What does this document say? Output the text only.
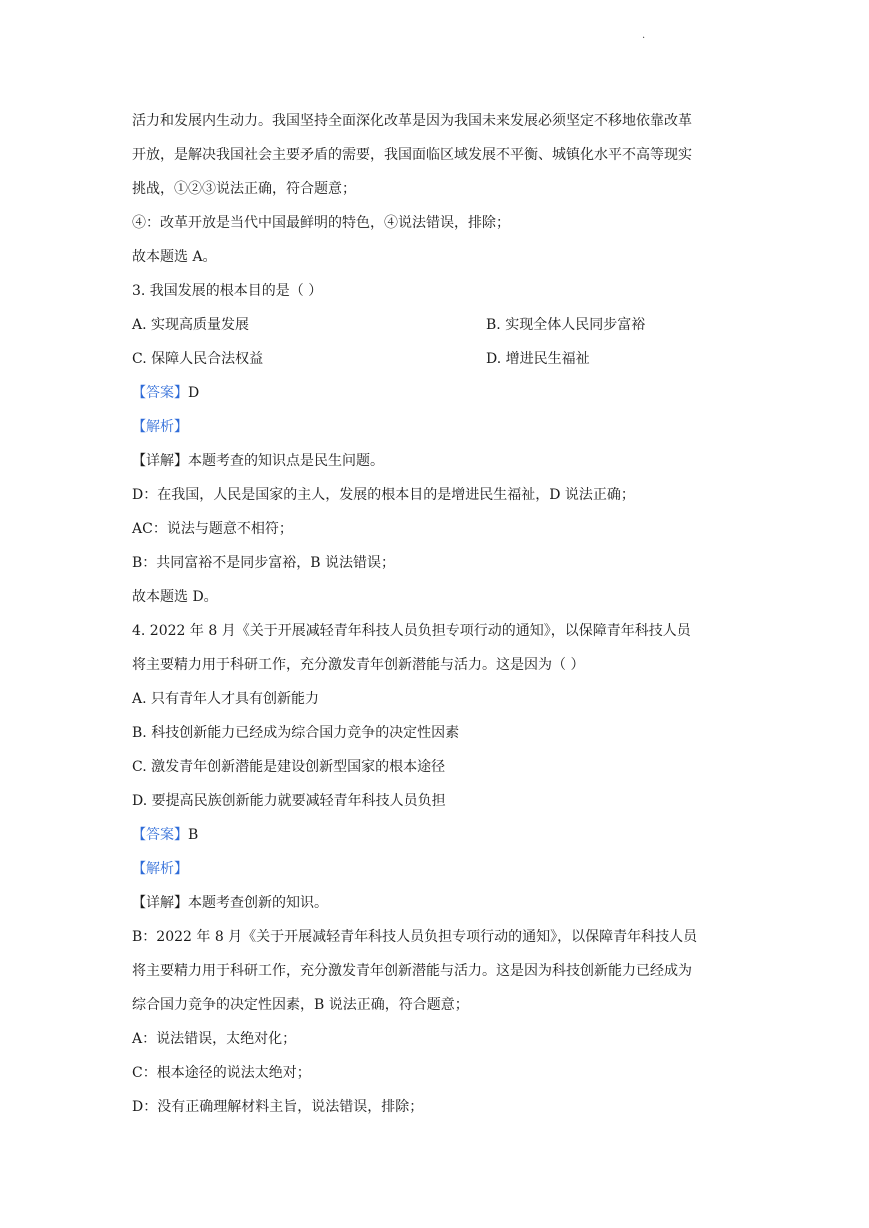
.
活力和发展内生动力。我国坚持全面深化改革是因为我国未来发展必须坚定不移地依靠改革
开放，是解决我国社会主要矛盾的需要，我国面临区域发展不平衡、城镇化水平不高等现实
挑战，①②③说法正确，符合题意；
④：改革开放是当代中国最鲜明的特色，④说法错误，排除；
故本题选 A。
3. 我国发展的根本目的是（ ）
A. 实现高质量发展	B. 实现全体人民同步富裕
C. 保障人民合法权益	D. 增进民生福祉
【答案】D
【解析】
【详解】本题考查的知识点是民生问题。
D：在我国，人民是国家的主人，发展的根本目的是增进民生福祉，D 说法正确；
AC：说法与题意不相符；
B：共同富裕不是同步富裕，B 说法错误；
故本题选 D。
4. 2022 年 8 月《关于开展减轻青年科技人员负担专项行动的通知》，以保障青年科技人员
将主要精力用于科研工作，充分激发青年创新潜能与活力。这是因为（ ）
A. 只有青年人才具有创新能力
B. 科技创新能力已经成为综合国力竞争的决定性因素
C. 激发青年创新潜能是建设创新型国家的根本途径
D. 要提高民族创新能力就要减轻青年科技人员负担
【答案】B
【解析】
【详解】本题考查创新的知识。
B：2022 年 8 月《关于开展减轻青年科技人员负担专项行动的通知》，以保障青年科技人员
将主要精力用于科研工作，充分激发青年创新潜能与活力。这是因为科技创新能力已经成为
综合国力竞争的决定性因素，B 说法正确，符合题意；
A：说法错误，太绝对化；
C：根本途径的说法太绝对；
D：没有正确理解材料主旨，说法错误，排除；
